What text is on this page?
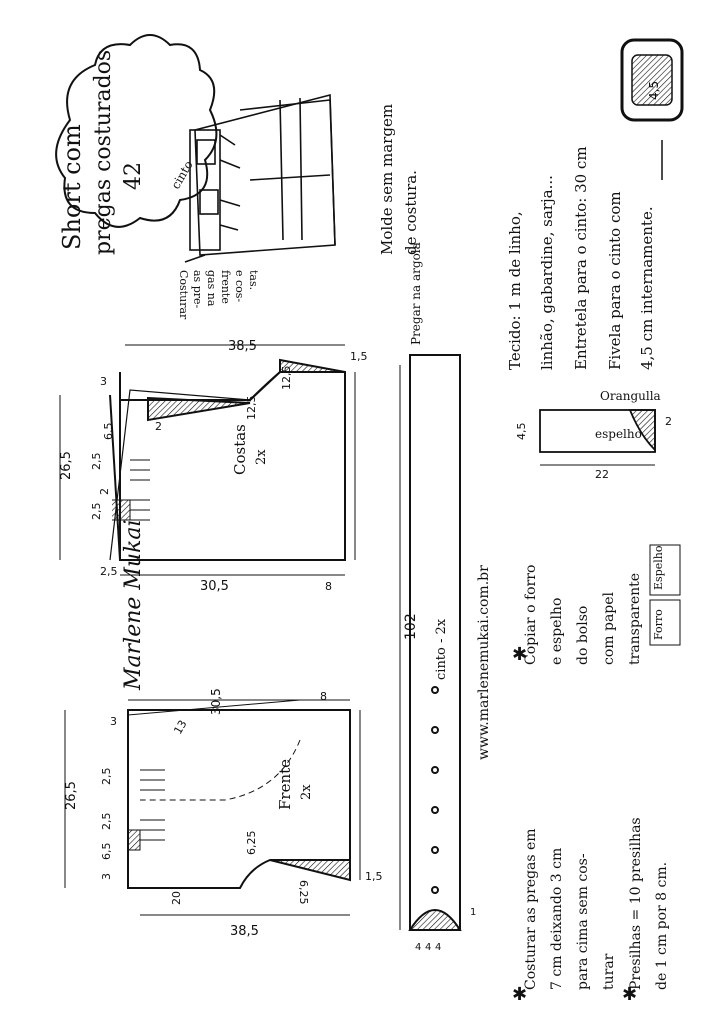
Short com pregas costurados 42 cinto
Costurar as pre- gas na frente e cos- tas.
Molde sem margem de costura.	Tecido: 1 m de linho, linhão, gabardine, sarja... Entretela para o cinto: 30 cm Fivela para o cinto com 4,5 cm internamente.
4,5
38,5
26,5
30,5
2,5
2,5
2
6,5
3
1,5
12,5
12,5
8
2
2,5
Costas 2x
26,5
30,5
38,5
2,5
2,5
6,5
3
13
6,25
6,25
1,5
20
8
3
Frente 2x
Marlene Mukai	102 cinto - 2x
Pregar na argola
4 4 4
1
www.marlenemukai.com.br
espelho
Orangulla
22
4,5
2
Costurar as pregas em 7 cm deixando 3 cm para cima sem cos- turar
Copiar o forro e espelho do bolso com papel transparente
Presilhas = 10 presilhas de 1 cm por 8 cm.
Espelho
Forro
✱
✱
✱
